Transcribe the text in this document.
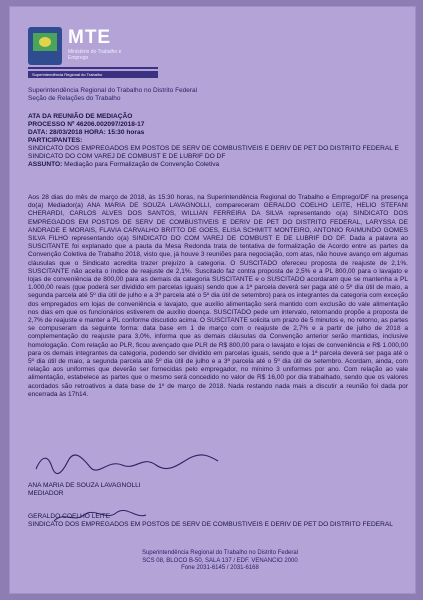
MTE
Ministério do Trabalho e Emprego
Superintendência Regional do Trabalho
Superintendência Regional do Trabalho no Distrito Federal
Seção de Relações do Trabalho
ATA DA REUNIÃO DE MEDIAÇÃO
PROCESSO Nº 46206.002097/2018-17
DATA: 28/03/2018 HORA: 15:30 horas
PARTICIPANTES:
SINDICATO DOS EMPREGADOS EM POSTOS DE SERV DE COMBUSTIVEIS E DERIV DE PET DO DISTRITO FEDERAL E SINDICATO DO COM VAREJ DE COMBUST E DE LUBRIF DO DF
ASSUNTO: Mediação para Formalização de Convenção Coletiva
Aos 28 dias do mês de março de 2018, às 15:30 horas, na Superintendência Regional do Trabalho e Emprego/DF na presença do(a) Mediador(a) ANA MARIA DE SOUZA LAVAGNOLLI, compareceram GERALDO COELHO LEITE, HELIO STEFANI CHERARDI, CARLOS ALVES DOS SANTOS, WILLIAN FERREIRA DA SILVA representando o(a) SINDICATO DOS EMPREGADOS EM POSTOS DE SERV DE COMBUSTIVEIS E DERIV DE PET DO DISTRITO FEDERAL, LARYSSA DE ANDRADE E MORAIS, FLAVIA CARVALHO BRITTO DE GOES, ELISA SCHMITT MONTEIRO, ANTONIO RAIMUNDO GOMES SILVA FILHO representando o(a) SINDICATO DO COM VAREJ DE COMBUST E DE LUBRIF DO DF. Dada a palavra ao SUSCITANTE foi explanado que a pauta da Mesa Redonda trata de tentativa de formalização de Acordo entre as partes da Convenção Coletiva de Trabalho 2018, visto que, já houve 3 reuniões para negociação, com atas, não houve avanço em algumas cláusulas que o Sindicato acredita trazer prejuízo à categoria. O SUSCITADO ofereceu proposta de reajuste de 2,1%. SUSCITANTE não aceita o índice de reajuste de 2,1%. Suscitado faz contra proposta de 2,5% e a PL 800,00 para o lavajato e lojas de conveniência de 800,00 para as demais da categoria SUSCITANTE e o SUSCITADO acordaram que se mantenha a PL 1.000,00 reais (que poderá ser dividido em parcelas iguais) sendo que a 1ª parcela deverá ser paga até o 5º dia útil de maio, a segunda parcela até 5º dia útil de julho e a 3ª parcela até o 5º dia útil de setembro) para os integrantes da categoria com exceção dos empregados em lojas de conveniência e lavajato, que auxílio alimentação será mantido com exclusão do vale alimentação nos dias em que os funcionários estiverem de auxílio doença. SUSCITADO pede um intervalo, retornando propõe a proposta de 2,7% de reajuste e manter a PL conforme discutido acima. O SUSCITANTE solicita um prazo de 5 minutos e, no retorno, as partes se compuseram da seguinte forma: data base em 1 de março com o reajuste de 2,7% e a partir de julho de 2018 a complementação do reajuste para 3,0%, informa que as demais cláusulas da Convenção anterior serão mantidas, inclusive homologação. Com relação ao PLR, ficou avençado que PLR de R$ 800,00 para o lavajato e lojas de conveniência e R$ 1.000,00 para os demais integrantes da categoria, podendo ser dividido em parcelas iguais, sendo que a 1ª parcela deverá ser paga até o 5º dia útil de maio, a segunda parcela até 5º dia útil de julho e a 3ª parcela até o 5º dia útil de setembro. Acordam, ainda, com relação aos uniformes que deverão ser fornecidas pelo empregador, no mínimo 3 uniformes por ano. Com relação ao vale alimentação, estabelece as partes que o mesmo será concedido no valor de R$ 16,00 por dia trabalhado, sendo que os valores acordados são retroativos a data base de 1º de março de 2018. Nada restando nada mais a discutir a reunião foi dada por encerrada às 17h14.
ANA MARIA DE SOUZA LAVAGNOLLI
MEDIADOR
GERALDO COELHO LEITE
SINDICATO DOS EMPREGADOS EM POSTOS DE SERV DE COMBUSTIVEIS E DERIV DE PET DO DISTRITO FEDERAL
Superintendência Regional do Trabalho no Distrito Federal
SCS 08, BLOCO B-50, SALA 137 / EDF. VENANCIO 2000
Fone 2031-6145 / 2031-6168
